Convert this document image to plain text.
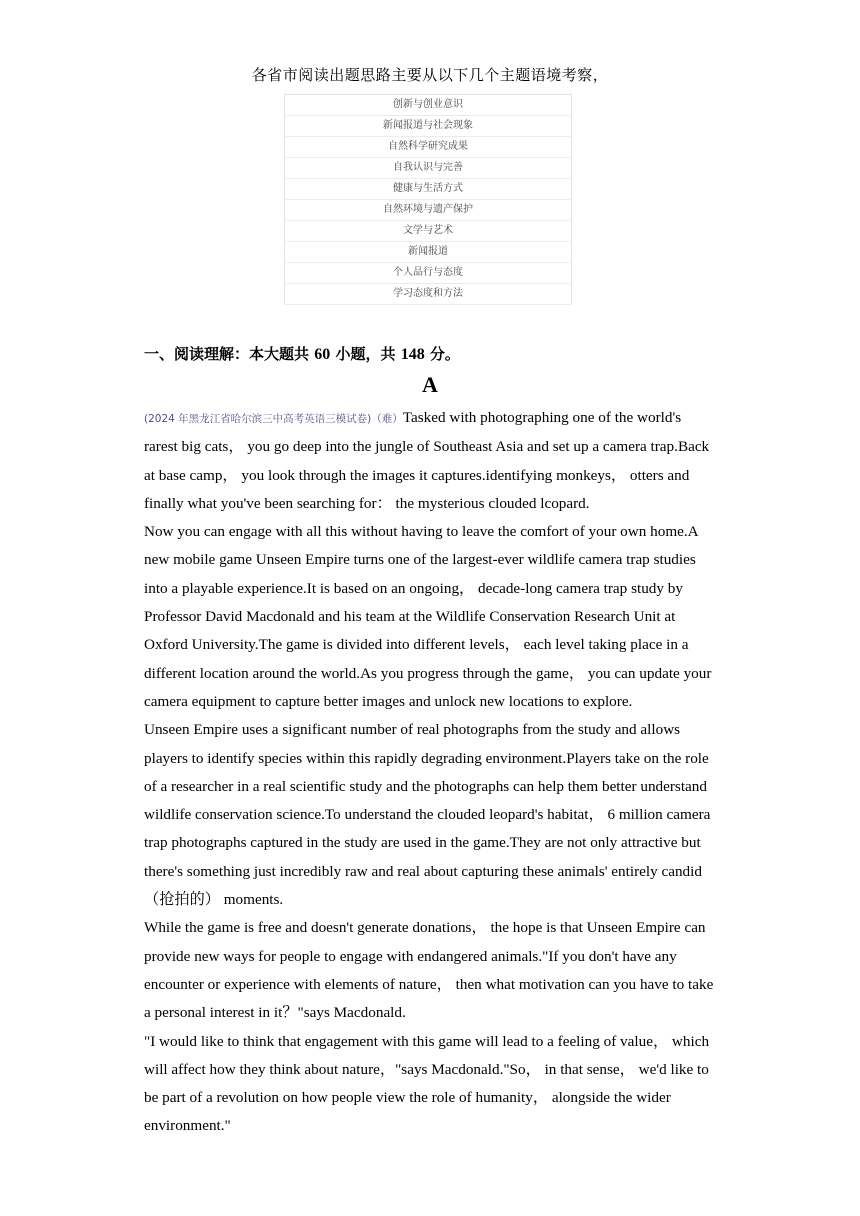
各省市阅读出题思路主要从以下几个主题语境考察，
创新与创业意识
新闻报道与社会现象
自然科学研究成果
自我认识与完善
健康与生活方式
自然环境与遗产保护
文学与艺术
新闻报道
个人品行与态度
学习态度和方法
一、阅读理解：本大题共 60 小题，共 148 分。
A

(2024 年黑龙江省哈尔滨三中高考英语三模试卷)（难）Tasked with photographing one of the world's rarest big cats， you go deep into the jungle of Southeast Asia and set up a camera trap.Back at base camp， you look through the images it captures.identifying monkeys， otters and finally what you've been searching for： the mysterious clouded lcopard.

Now you can engage with all this without having to leave the comfort of your own home.A new mobile game Unseen Empire turns one of the largest-ever wildlife camera trap studies into a playable experience.It is based on an ongoing， decade-long camera trap study by Professor David Macdonald and his team at the Wildlife Conservation Research Unit at Oxford University.The game is divided into different levels， each level taking place in a different location around the world.As you progress through the game， you can update your camera equipment to capture better images and unlock new locations to explore.

Unseen Empire uses a significant number of real photographs from the study and allows players to identify species within this rapidly degrading environment.Players take on the role of a researcher in a real scientific study and the photographs can help them better understand wildlife conservation science.To understand the clouded leopard's habitat， 6 million camera trap photographs captured in the study are used in the game.They are not only attractive but there's something just incredibly raw and real about capturing these animals' entirely candid （抢拍的） moments.

While the game is free and doesn't generate donations， the hope is that Unseen Empire can provide new ways for people to engage with endangered animals."If you don't have any encounter or experience with elements of nature， then what motivation can you have to take a personal interest in it？"says Macdonald.

"I would like to think that engagement with this game will lead to a feeling of value， which will affect how they think about nature，"says Macdonald."So， in that sense， we'd like to be part of a revolution on how people view the role of humanity， alongside the wider environment."
